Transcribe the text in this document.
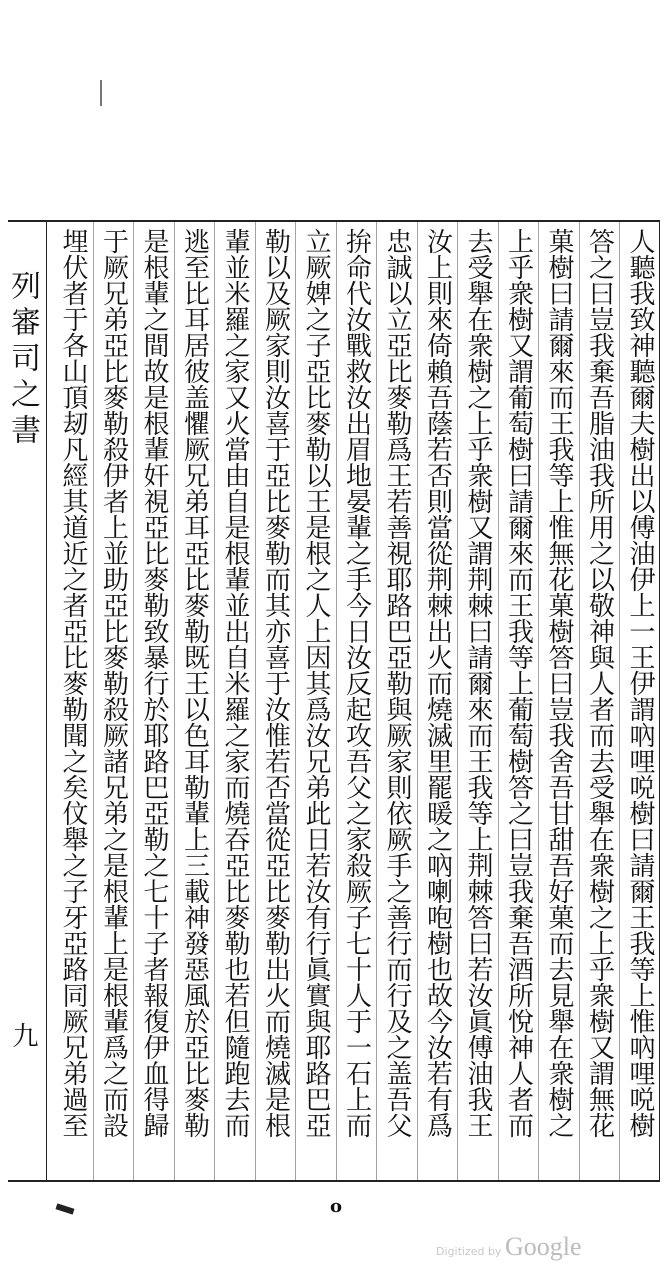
人聽我致神聽爾夫樹出以傅油伊上一王伊謂吶哩哾樹曰請爾王我等上惟吶哩哾樹
答之曰豈我棄吾脂油我所用之以敬神與人者而去受舉在衆樹之上乎衆樹又謂無花
菓樹曰請爾來而王我等上惟無花菓樹答曰豈我舍吾甘甜吾好菓而去見舉在衆樹之
上乎衆樹又謂葡萄樹曰請爾來而王我等上葡萄樹答之曰豈我棄吾酒所悅神人者而
去受舉在衆樹之上乎衆樹又謂荆棘曰請爾來而王我等上荆棘答曰若汝眞傅油我王
汝上則來倚賴吾蔭若否則當從荆棘出火而燒滅里罷暖之吶喇咆樹也故今汝若有爲
忠誠以立亞比麥勒爲王若善視耶路巴亞勒與厥家則依厥手之善行而行及之盖吾父
拚命代汝戰救汝出眉地晏輩之手今日汝反起攻吾父之家殺厥子七十人于一石上而
立厥婢之子亞比麥勒以王是根之人上因其爲汝兄弟此日若汝有行眞實與耶路巴亞
勒以及厥家則汝喜于亞比麥勒而其亦喜于汝惟若否當從亞比麥勒出火而燒滅是根
輩並米羅之家又火當由自是根輩並出自米羅之家而燒吞亞比麥勒也若但隨跑去而
逃至比耳居彼盖懼厥兄弟耳亞比麥勒既王以色耳勒輩上三載神發惡風於亞比麥勒
是根輩之間故是根輩奸視亞比麥勒致暴行於耶路巴亞勒之七十子者報復伊血得歸
于厥兄弟亞比麥勒殺伊者上並助亞比麥勒殺厥諸兄弟之是根輩上是根輩爲之而設
埋伏者于各山頂刼凡經其道近之者亞比麥勒聞之矣伩舉之子牙亞路同厥兄弟過至
列審司之書
九
o
Digitized by Google
